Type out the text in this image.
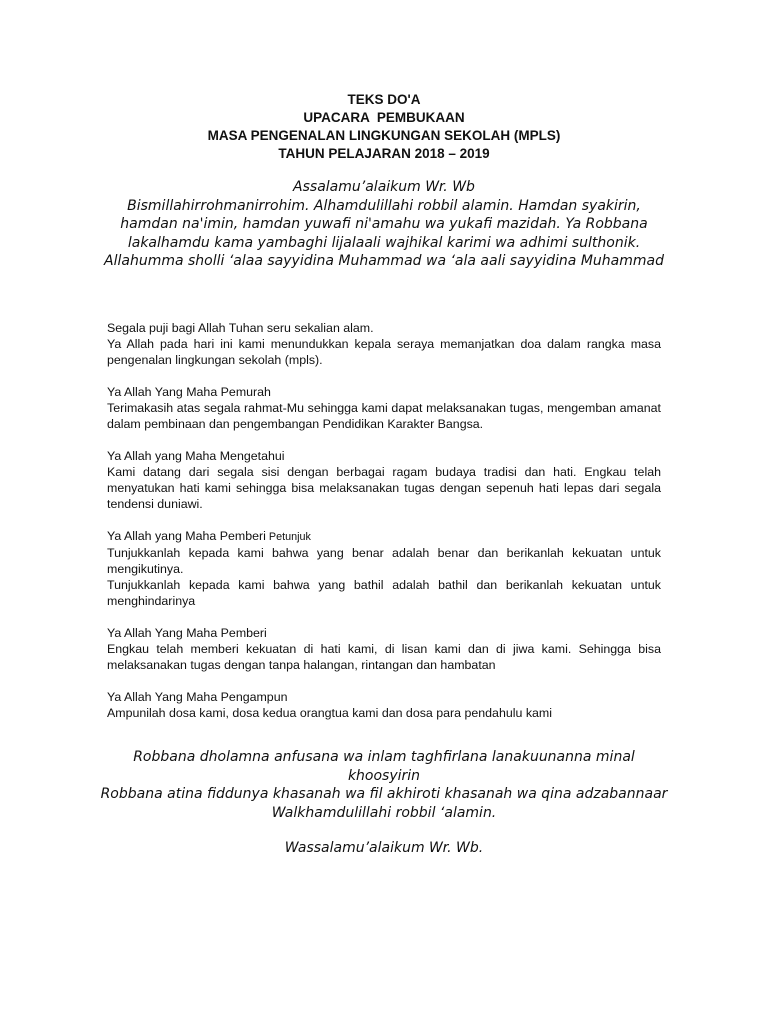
TEKS DO'A
UPACARA  PEMBUKAAN
MASA PENGENALAN LINGKUNGAN SEKOLAH (MPLS)
TAHUN PELAJARAN 2018 – 2019

Assalamu’alaikum Wr. Wb

Bismillahirrohmanirrohim. Alhamdulillahi robbil alamin. Hamdan syakirin, hamdan na'imin, hamdan yuwafi ni'amahu wa yukafi mazidah. Ya Robbana lakalhamdu kama yambaghi lijalaali wajhikal karimi wa adhimi sulthonik.

Allahumma sholli ‘alaa sayyidina Muhammad wa ‘ala aali sayyidina Muhammad

Segala puji bagi Allah Tuhan seru sekalian alam.

Ya Allah pada hari ini kami menundukkan kepala seraya memanjatkan doa dalam rangka masa pengenalan lingkungan sekolah (mpls).

Ya Allah Yang Maha Pemurah

Terimakasih atas segala rahmat-Mu sehingga kami dapat melaksanakan tugas, mengemban amanat dalam pembinaan dan pengembangan Pendidikan Karakter Bangsa.

Ya Allah yang Maha Mengetahui

Kami datang dari segala sisi dengan berbagai ragam budaya tradisi dan hati. Engkau telah menyatukan hati kami sehingga bisa melaksanakan tugas dengan sepenuh hati lepas dari segala tendensi duniawi.

Ya Allah yang Maha Pemberi Petunjuk

Tunjukkanlah kepada kami bahwa yang benar adalah benar dan berikanlah kekuatan untuk mengikutinya.

Tunjukkanlah kepada kami bahwa yang bathil adalah bathil dan berikanlah kekuatan untuk menghindarinya

Ya Allah Yang Maha Pemberi

Engkau telah memberi kekuatan di hati kami, di lisan kami dan di jiwa kami. Sehingga bisa melaksanakan tugas dengan tanpa halangan, rintangan dan hambatan

Ya Allah Yang Maha Pengampun

Ampunilah dosa kami, dosa kedua orangtua kami dan dosa para pendahulu kami

Robbana dholamna anfusana wa inlam taghfirlana lanakuunanna minal khoosyirin

Robbana atina fiddunya khasanah wa fil akhiroti khasanah wa qina adzabannaar

Walkhamdulillahi robbil ‘alamin.

Wassalamu’alaikum Wr. Wb.
